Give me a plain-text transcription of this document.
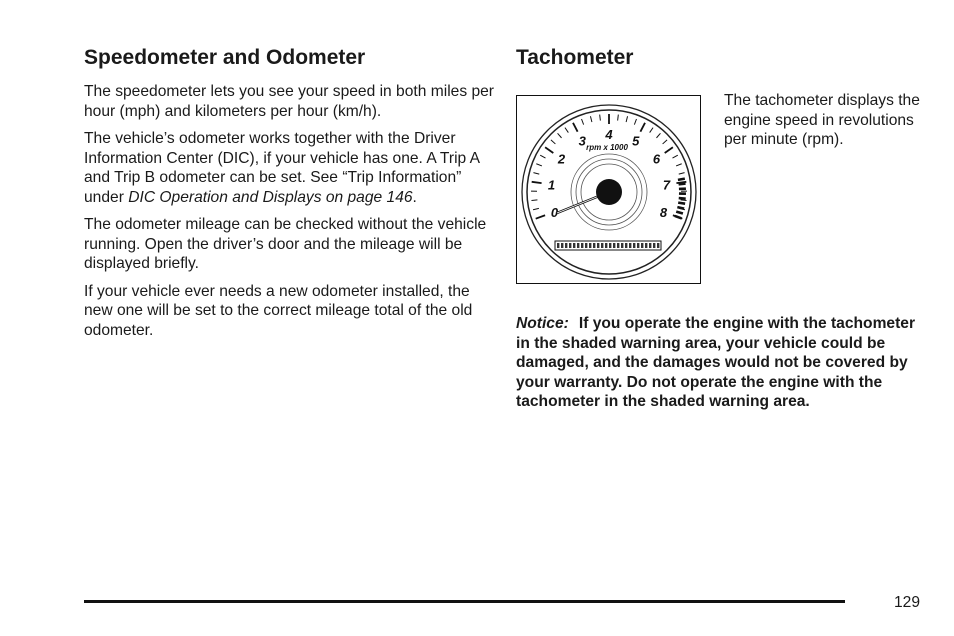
Speedometer and Odometer

The speedometer lets you see your speed in both miles per hour (mph) and kilometers per hour (km/h).

The vehicle’s odometer works together with the Driver Information Center (DIC), if your vehicle has one. A Trip A and Trip B odometer can be set. See “Trip Information” under DIC Operation and Displays on page 146.

The odometer mileage can be checked without the vehicle running. Open the driver’s door and the mileage will be displayed briefly.

If your vehicle ever needs a new odometer installed, the new one will be set to the correct mileage total of the old odometer.

Tachometer
0
1
2
3 4 5
6
7
8
rpm x 1000
The tachometer displays the engine speed in revolutions per minute (rpm).

Notice: If you operate the engine with the tachometer in the shaded warning area, your vehicle could be damaged, and the damages would not be covered by your warranty. Do not operate the engine with the tachometer in the shaded warning area.

129
